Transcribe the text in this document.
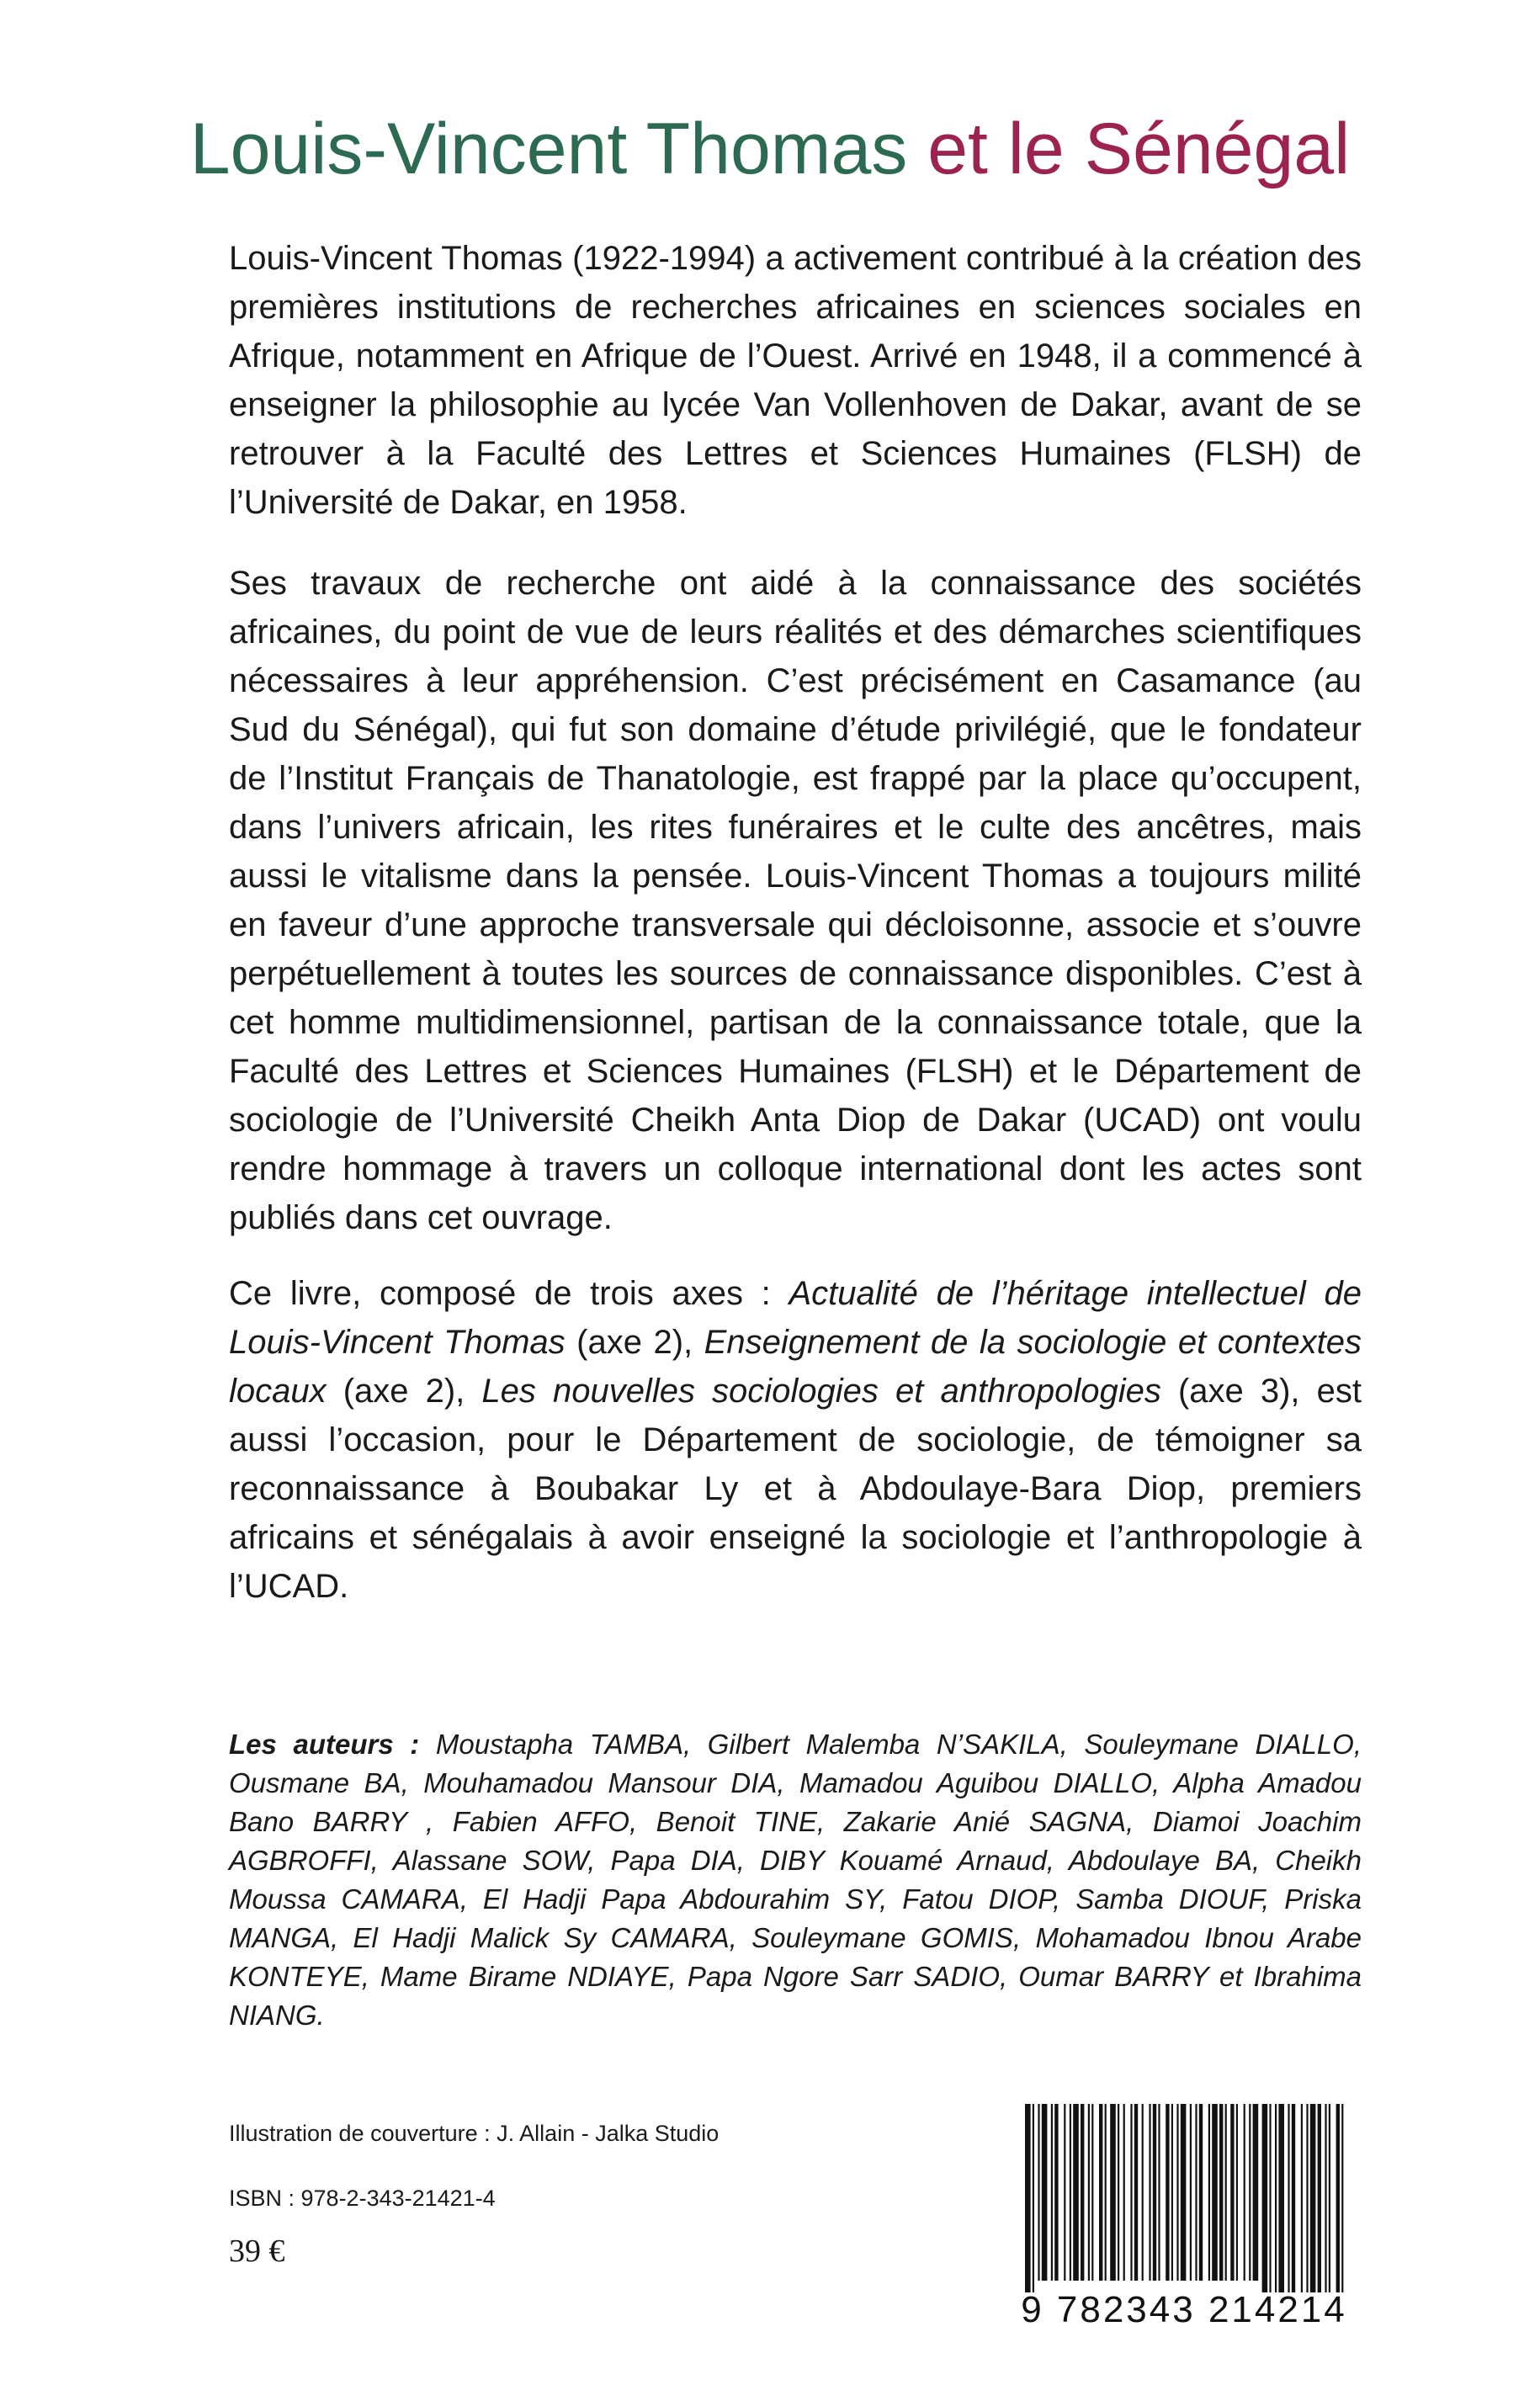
Louis-Vincent Thomas et le Sénégal

Louis-Vincent Thomas (1922-1994) a activement contribué à la création des premières institutions de recherches africaines en sciences sociales en Afrique, notamment en Afrique de l’Ouest. Arrivé en 1948, il a commencé à enseigner la philosophie au lycée Van Vollenhoven de Dakar, avant de se retrouver à la Faculté des Lettres et Sciences Humaines (FLSH) de l’Université de Dakar, en 1958.

Ses travaux de recherche ont aidé à la connaissance des sociétés africaines, du point de vue de leurs réalités et des démarches scientifiques nécessaires à leur appréhension. C’est précisément en Casamance (au Sud du Sénégal), qui fut son domaine d’étude privilégié, que le fondateur de l’Institut Français de Thanatologie, est frappé par la place qu’occupent, dans l’univers africain, les rites funéraires et le culte des ancêtres, mais aussi le vitalisme dans la pensée. Louis-Vincent Thomas a toujours milité en faveur d’une approche transversale qui décloisonne, associe et s’ouvre perpétuellement à toutes les sources de connaissance disponibles. C’est à cet homme multidimensionnel, partisan de la connaissance totale, que la Faculté des Lettres et Sciences Humaines (FLSH) et le Département de sociologie de l’Université Cheikh Anta Diop de Dakar (UCAD) ont voulu rendre hommage à travers un colloque international dont les actes sont publiés dans cet ouvrage.

Ce livre, composé de trois axes : Actualité de l’héritage intellectuel de Louis-Vincent Thomas (axe 2), Enseignement de la sociologie et contextes locaux (axe 2), Les nouvelles sociologies et anthropologies (axe 3), est aussi l’occasion, pour le Département de sociologie, de témoigner sa reconnaissance à Boubakar Ly et à Abdoulaye-Bara Diop, premiers africains et sénégalais à avoir enseigné la sociologie et l’anthropologie à l’UCAD.

Les auteurs : Moustapha TAMBA, Gilbert Malemba N’SAKILA, Souleymane DIALLO, Ousmane BA, Mouhamadou Mansour DIA, Mamadou Aguibou DIALLO, Alpha Amadou Bano BARRY , Fabien AFFO, Benoit TINE, Zakarie Anié SAGNA, Diamoi Joachim AGBROFFI, Alassane SOW, Papa DIA, DIBY Kouamé Arnaud, Abdoulaye BA, Cheikh Moussa CAMARA, El Hadji Papa Abdourahim SY, Fatou DIOP, Samba DIOUF, Priska MANGA, El Hadji Malick Sy CAMARA, Souleymane GOMIS, Mohamadou Ibnou Arabe KONTEYE, Mame Birame NDIAYE, Papa Ngore Sarr SADIO, Oumar BARRY et Ibrahima NIANG.

Illustration de couverture : J. Allain - Jalka Studio

ISBN : 978-2-343-21421-4

39 €

9 782343 214214
